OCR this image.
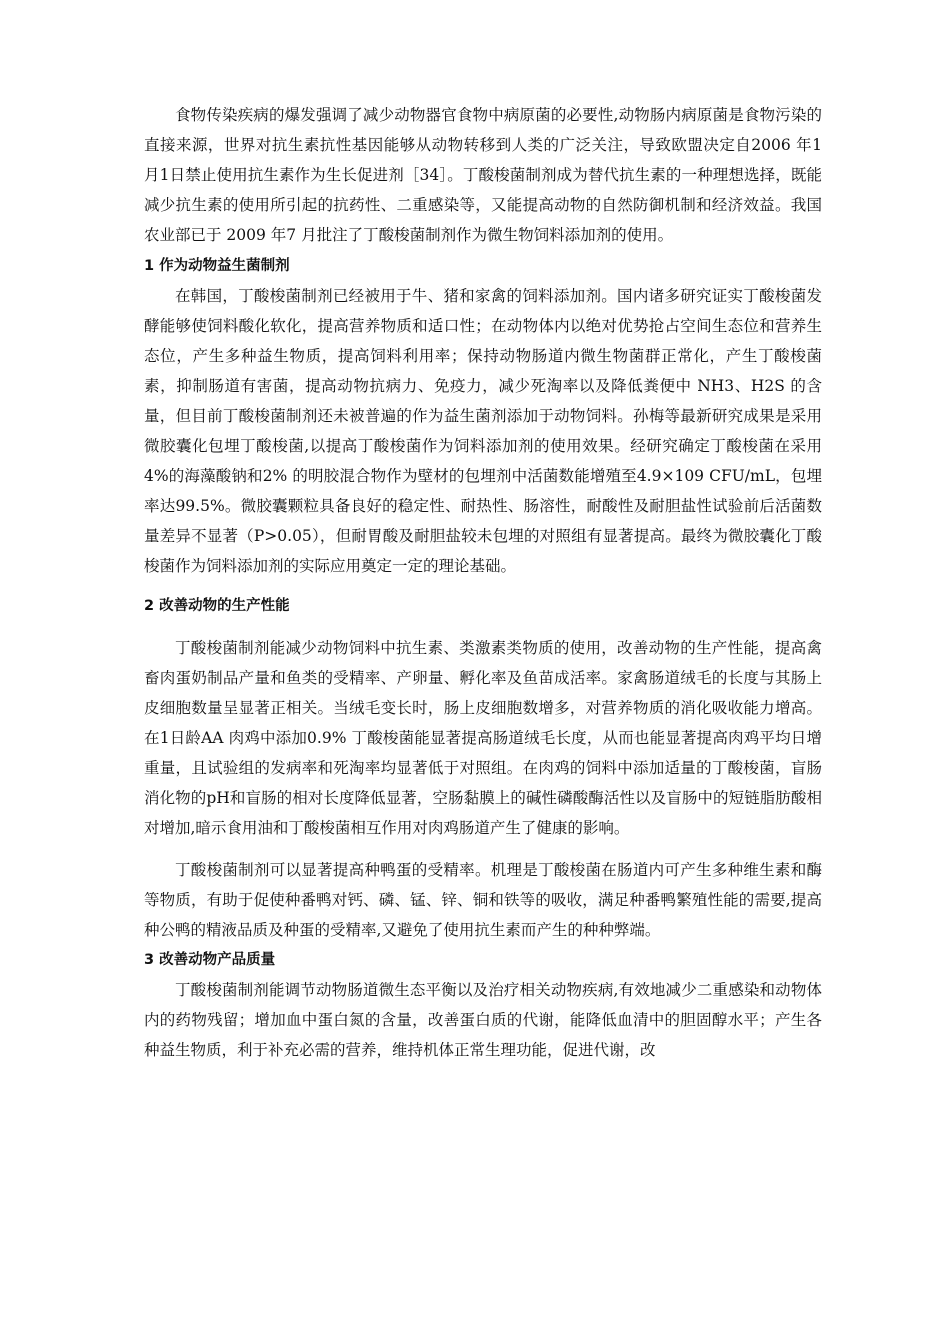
食物传染疾病的爆发强调了减少动物器官食物中病原菌的必要性,动物肠内病原菌是食物污染的直接来源，世界对抗生素抗性基因能够从动物转移到人类的广泛关注，导致欧盟决定自2006 年1 月1日禁止使用抗生素作为生长促进剂［34］。丁酸梭菌制剂成为替代抗生素的一种理想选择，既能减少抗生素的使用所引起的抗药性、二重感染等，又能提高动物的自然防御机制和经济效益。我国农业部已于 2009 年7 月批注了丁酸梭菌制剂作为微生物饲料添加剂的使用。

1 作为动物益生菌制剂

在韩国，丁酸梭菌制剂已经被用于牛、猪和家禽的饲料添加剂。国内诸多研究证实丁酸梭菌发酵能够使饲料酸化软化，提高营养物质和适口性；在动物体内以绝对优势抢占空间生态位和营养生态位，产生多种益生物质，提高饲料利用率；保持动物肠道内微生物菌群正常化，产生丁酸梭菌素，抑制肠道有害菌，提高动物抗病力、免疫力，减少死淘率以及降低粪便中 NH3、H2S 的含量，但目前丁酸梭菌制剂还未被普遍的作为益生菌剂添加于动物饲料。孙梅等最新研究成果是采用微胶囊化包埋丁酸梭菌,以提高丁酸梭菌作为饲料添加剂的使用效果。经研究确定丁酸梭菌在采用4%的海藻酸钠和2% 的明胶混合物作为壁材的包埋剂中活菌数能增殖至4.9×109 CFU/mL，包埋率达99.5%。微胶囊颗粒具备良好的稳定性、耐热性、肠溶性，耐酸性及耐胆盐性试验前后活菌数量差异不显著（P>0.05），但耐胃酸及耐胆盐较未包埋的对照组有显著提高。最终为微胶囊化丁酸梭菌作为饲料添加剂的实际应用奠定一定的理论基础。

2 改善动物的生产性能

丁酸梭菌制剂能减少动物饲料中抗生素、类激素类物质的使用，改善动物的生产性能，提高禽畜肉蛋奶制品产量和鱼类的受精率、产卵量、孵化率及鱼苗成活率。家禽肠道绒毛的长度与其肠上皮细胞数量呈显著正相关。当绒毛变长时，肠上皮细胞数增多，对营养物质的消化吸收能力增高。在1日龄AA 肉鸡中添加0.9% 丁酸梭菌能显著提高肠道绒毛长度，从而也能显著提高肉鸡平均日增重量，且试验组的发病率和死淘率均显著低于对照组。在肉鸡的饲料中添加适量的丁酸梭菌，盲肠消化物的pH和盲肠的相对长度降低显著，空肠黏膜上的碱性磷酸酶活性以及盲肠中的短链脂肪酸相对增加,暗示食用油和丁酸梭菌相互作用对肉鸡肠道产生了健康的影响。

丁酸梭菌制剂可以显著提高种鸭蛋的受精率。机理是丁酸梭菌在肠道内可产生多种维生素和酶等物质，有助于促使种番鸭对钙、磷、锰、锌、铜和铁等的吸收，满足种番鸭繁殖性能的需要,提高种公鸭的精液品质及种蛋的受精率,又避免了使用抗生素而产生的种种弊端。

3 改善动物产品质量

丁酸梭菌制剂能调节动物肠道微生态平衡以及治疗相关动物疾病,有效地减少二重感染和动物体内的药物残留；增加血中蛋白氮的含量，改善蛋白质的代谢，能降低血清中的胆固醇水平；产生各种益生物质，利于补充必需的营养，维持机体正常生理功能，促进代谢，改
